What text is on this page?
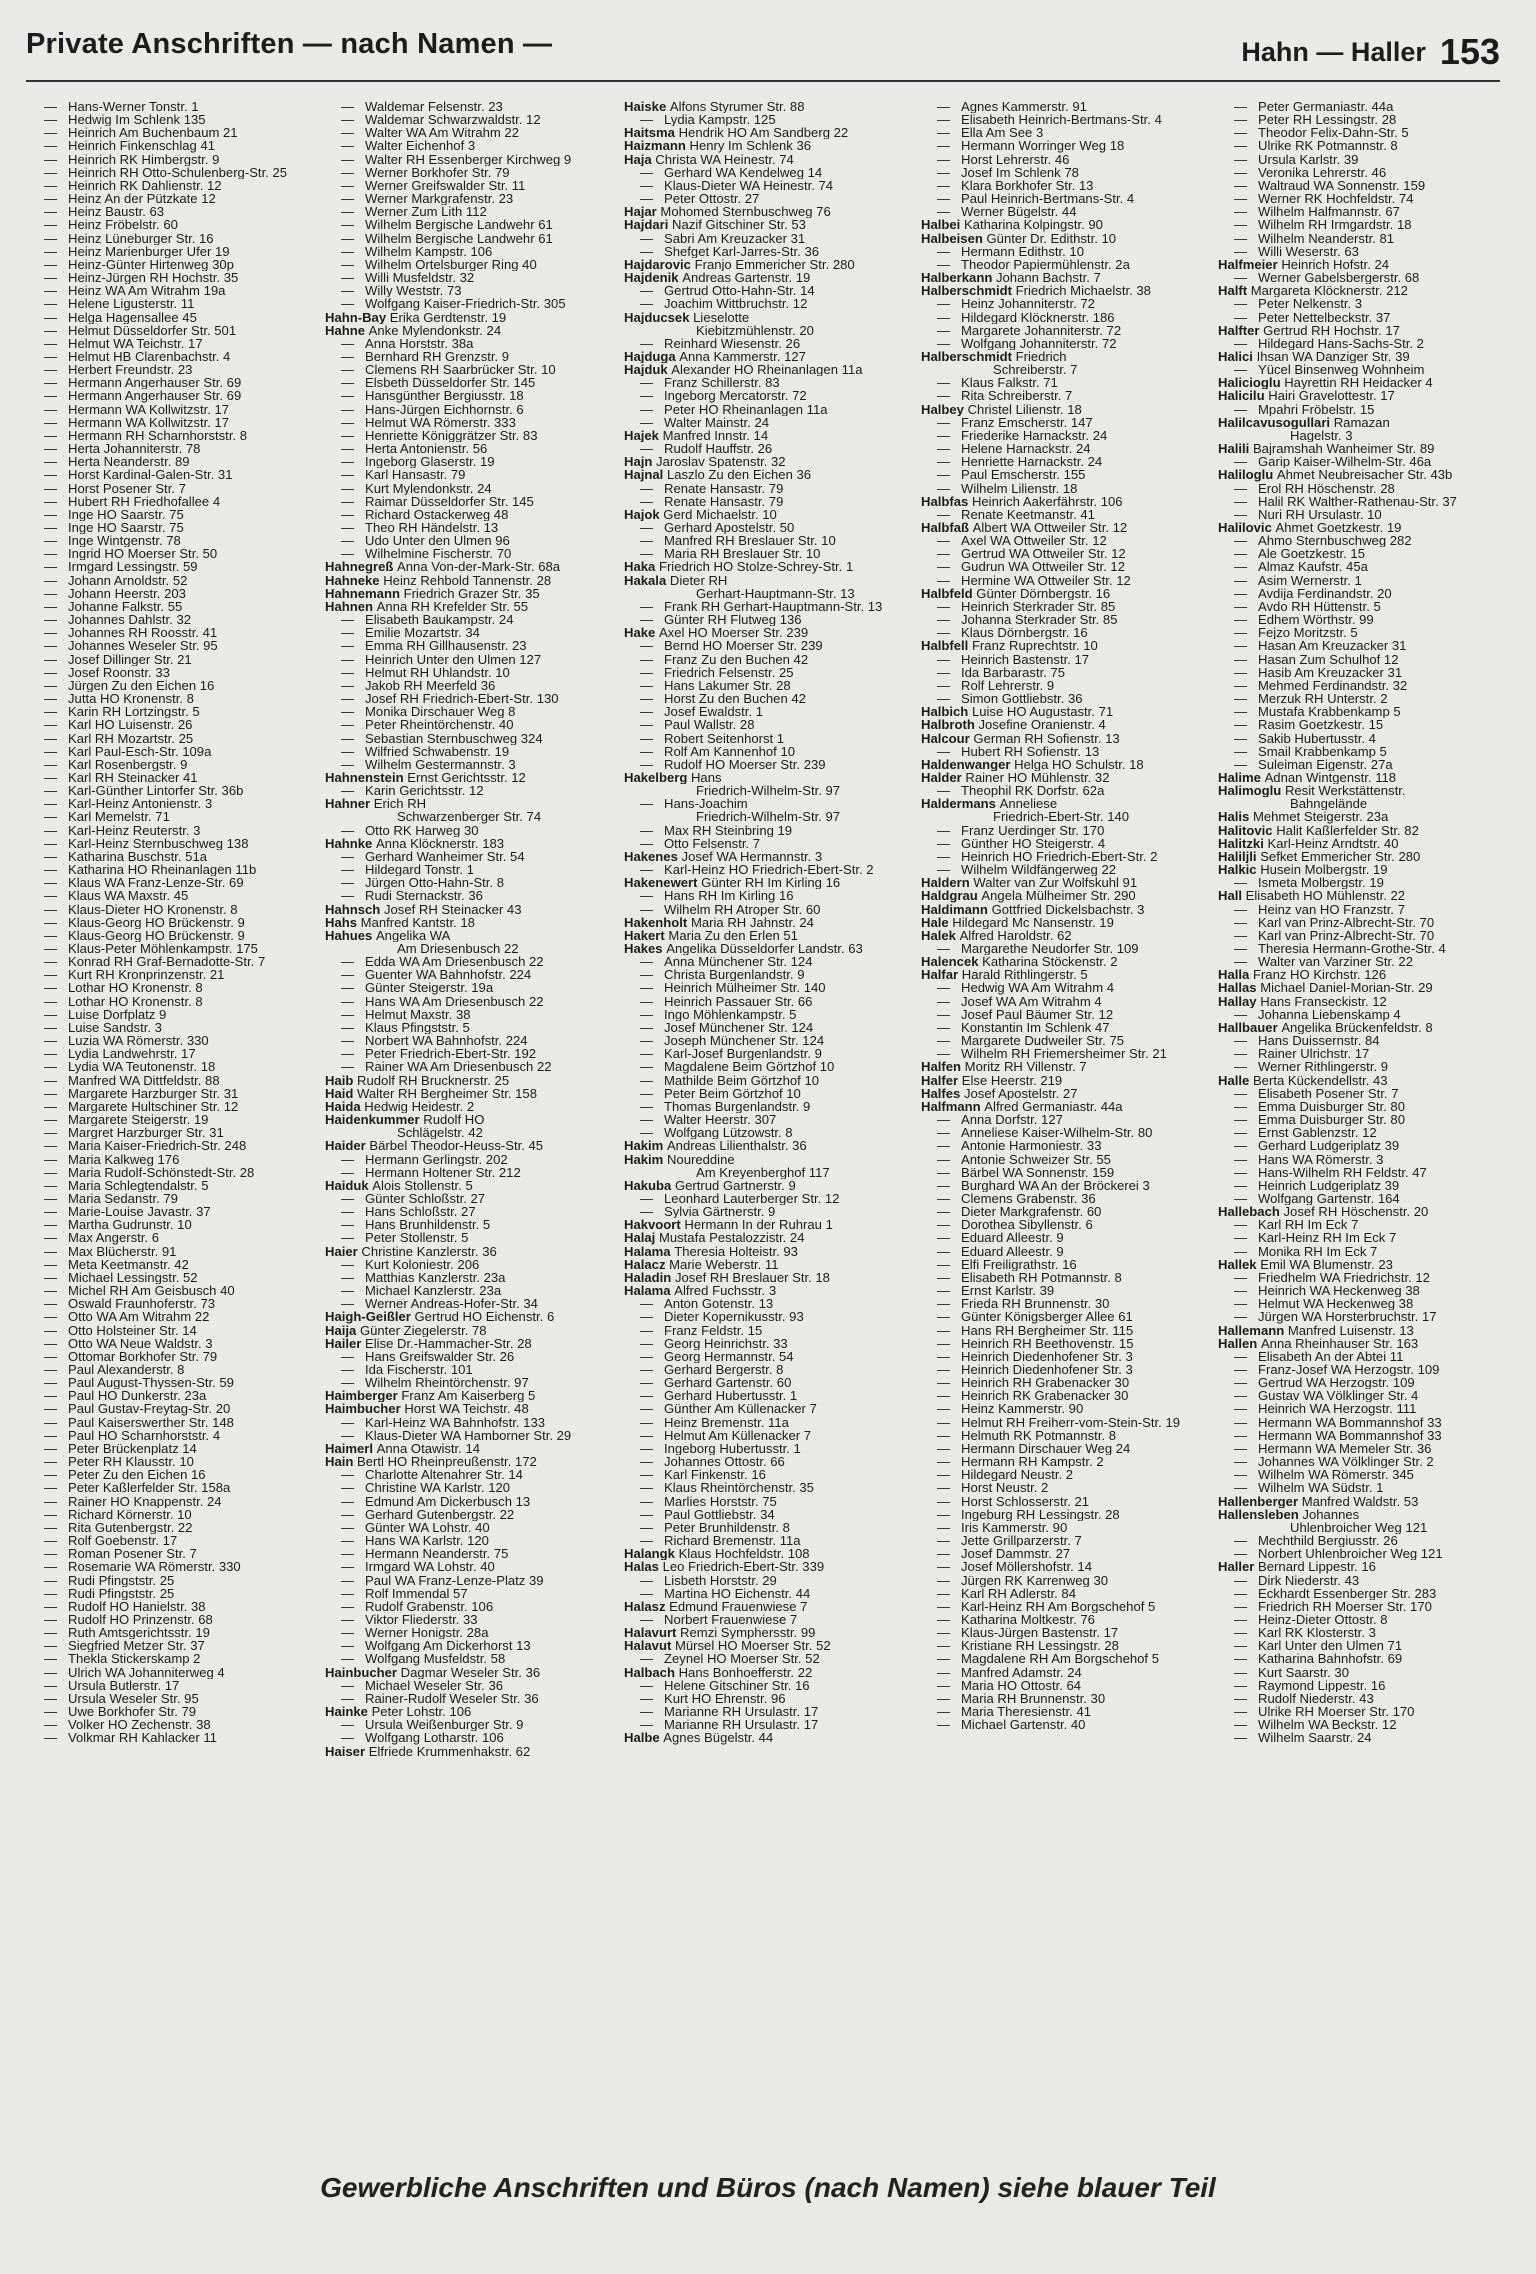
Private Anschriften — nach Namen —	Hahn — Haller 153
— Hans-Werner Tonstr. 1
— Hedwig Im Schlenk 135
— Heinrich Am Buchenbaum 21
— Heinrich Finkenschlag 41
— Heinrich RK Himbergstr. 9
— Heinrich RH Otto-Schulenberg-Str. 25
— Heinrich RK Dahlienstr. 12
— Heinz An der Pützkate 12
— Heinz Baustr. 63
— Heinz Fröbelstr. 60
— Heinz Lüneburger Str. 16
— Heinz Marienburger Ufer 19
— Heinz-Günter Hirtenweg 30p
— Heinz-Jürgen RH Hochstr. 35
— Heinz WA Am Witrahm 19a
— Helene Ligusterstr. 11
— Helga Hagensallee 45
— Helmut Düsseldorfer Str. 501
— Helmut WA Teichstr. 17
— Helmut HB Clarenbachstr. 4
— Herbert Freundstr. 23
— Hermann Angerhauser Str. 69
— Hermann Angerhauser Str. 69
— Hermann WA Kollwitzstr. 17
— Hermann WA Kollwitzstr. 17
— Hermann RH Scharnhorststr. 8
— Herta Johanniterstr. 78
— Herta Neanderstr. 89
— Horst Kardinal-Galen-Str. 31
— Horst Posener Str. 7
— Hubert RH Friedhofallee 4
— Inge HO Saarstr. 75
— Inge HO Saarstr. 75
— Inge Wintgenstr. 78
— Ingrid HO Moerser Str. 50
— Irmgard Lessingstr. 59
— Johann Arnoldstr. 52
— Johann Heerstr. 203
— Johanne Falkstr. 55
— Johannes Dahlstr. 32
— Johannes RH Roosstr. 41
— Johannes Weseler Str. 95
— Josef Dillinger Str. 21
— Josef Roonstr. 33
— Jürgen Zu den Eichen 16
— Jutta HO Kronenstr. 8
— Karin RH Lortzingstr. 5
— Karl HO Luisenstr. 26
— Karl RH Mozartstr. 25
— Karl Paul-Esch-Str. 109a
— Karl Rosenbergstr. 9
— Karl RH Steinacker 41
— Karl-Günther Lintorfer Str. 36b
— Karl-Heinz Antonienstr. 3
— Karl Memelstr. 71
— Karl-Heinz Reuterstr. 3
— Karl-Heinz Sternbuschweg 138
— Katharina Buschstr. 51a
— Katharina HO Rheinanlagen 11b
— Klaus WA Franz-Lenze-Str. 69
— Klaus WA Maxstr. 45
— Klaus-Dieter HO Kronenstr. 8
— Klaus-Georg HO Brückenstr. 9
— Klaus-Georg HO Brückenstr. 9
— Klaus-Peter Möhlenkampstr. 175
— Konrad RH Graf-Bernadotte-Str. 7
— Kurt RH Kronprinzenstr. 21
— Lothar HO Kronenstr. 8
— Lothar HO Kronenstr. 8
— Luise Dorfplatz 9
— Luise Sandstr. 3
— Luzia WA Römerstr. 330
— Lydia Landwehrstr. 17
— Lydia WA Teutonenstr. 18
— Manfred WA Dittfeldstr. 88
— Margarete Harzburger Str. 31
— Margarete Hultschiner Str. 12
— Margarete Steigerstr. 19
— Margret Harzburger Str. 31
— Maria Kaiser-Friedrich-Str. 248
— Maria Kalkweg 176
— Maria Rudolf-Schönstedt-Str. 28
— Maria Schlegtendalstr. 5
— Maria Sedanstr. 79
— Marie-Louise Javastr. 37
— Martha Gudrunstr. 10
— Max Angerstr. 6
— Max Blücherstr. 91
— Meta Keetmanstr. 42
— Michael Lessingstr. 52
— Michel RH Am Geisbusch 40
— Oswald Fraunhoferstr. 73
— Otto WA Am Witrahm 22
— Otto Holsteiner Str. 14
— Otto WA Neue Waldstr. 3
— Ottomar Borkhofer Str. 79
— Paul Alexanderstr. 8
— Paul August-Thyssen-Str. 59
— Paul HO Dunkerstr. 23a
— Paul Gustav-Freytag-Str. 20
— Paul Kaiserswerther Str. 148
— Paul HO Scharnhorststr. 4
— Peter Brückenplatz 14
— Peter RH Klausstr. 10
— Peter Zu den Eichen 16
— Peter Kaßlerfelder Str. 158a
— Rainer HO Knappenstr. 24
— Richard Körnerstr. 10
— Rita Gutenbergstr. 22
— Rolf Goebenstr. 17
— Roman Posener Str. 7
— Rosemarie WA Römerstr. 330
— Rudi Pfingststr. 25
— Rudi Pfingststr. 25
— Rudolf HO Hanielstr. 38
— Rudolf HO Prinzenstr. 68
— Ruth Amtsgerichtsstr. 19
— Siegfried Metzer Str. 37
— Thekla Stickerskamp 2
— Ulrich WA Johanniterweg 4
— Ursula Butlerstr. 17
— Ursula Weseler Str. 95
— Uwe Borkhofer Str. 79
— Volker HO Zechenstr. 38
— Volkmar RH Kahlacker 11
— Waldemar Felsenstr. 23
— Waldemar Schwarzwaldstr. 12
— Walter WA Am Witrahm 22
— Walter Eichenhof 3
— Walter RH Essenberger Kirchweg 9
— Werner Borkhofer Str. 79
— Werner Greifswalder Str. 11
— Werner Markgrafenstr. 23
— Werner Zum Lith 112
— Wilhelm Bergische Landwehr 61
— Wilhelm Bergische Landwehr 61
— Wilhelm Kampstr. 106
— Wilhelm Ortelsburger Ring 40
— Willi Musfeldstr. 32
— Willy Weststr. 73
— Wolfgang Kaiser-Friedrich-Str. 305
Hahn-Bay Erika Gerdtenstr. 19
Hahne Anke Mylendonkstr. 24
— Anna Horststr. 38a
— Bernhard RH Grenzstr. 9
— Clemens RH Saarbrücker Str. 10
— Elsbeth Düsseldorfer Str. 145
— Hansgünther Bergiusstr. 18
— Hans-Jürgen Eichhornstr. 6
— Helmut WA Römerstr. 333
— Henriette Königgrätzer Str. 83
— Herta Antonienstr. 56
— Ingeborg Glaserstr. 19
— Karl Hansastr. 79
— Kurt Mylendonkstr. 24
— Raimar Düsseldorfer Str. 145
— Richard Ostackerweg 48
— Theo RH Händelstr. 13
— Udo Unter den Ulmen 96
— Wilhelmine Fischerstr. 70
Hahnegreß Anna Von-der-Mark-Str. 68a
Hahneke Heinz Rehbold Tannenstr. 28
Hahnemann Friedrich Grazer Str. 35
Hahnen Anna RH Krefelder Str. 55
— Elisabeth Baukampstr. 24
— Emilie Mozartstr. 34
— Emma RH Gillhausenstr. 23
— Heinrich Unter den Ulmen 127
— Helmut RH Uhlandstr. 10
— Jakob RH Meerfeld 36
— Josef RH Friedrich-Ebert-Str. 130
— Monika Dirschauer Weg 8
— Peter Rheintörchenstr. 40
— Sebastian Sternbuschweg 324
— Wilfried Schwabenstr. 19
— Wilhelm Gestermannstr. 3
Hahnenstein Ernst Gerichtsstr. 12
— Karin Gerichtsstr. 12
Hahner Erich RH
Schwarzenberger Str. 74
— Otto RK Harweg 30
Hahnke Anna Klöcknerstr. 183
— Gerhard Wanheimer Str. 54
— Hildegard Tonstr. 1
— Jürgen Otto-Hahn-Str. 8
— Rudi Sternackstr. 36
Hahnsch Josef RH Steinacker 43
Hahs Manfred Kantstr. 18
Hahues Angelika WA
Am Driesenbusch 22
— Edda WA Am Driesenbusch 22
— Guenter WA Bahnhofstr. 224
— Günter Steigerstr. 19a
— Hans WA Am Driesenbusch 22
— Helmut Maxstr. 38
— Klaus Pfingststr. 5
— Norbert WA Bahnhofstr. 224
— Peter Friedrich-Ebert-Str. 192
— Rainer WA Am Driesenbusch 22
Haib Rudolf RH Brucknerstr. 25
Haid Walter RH Bergheimer Str. 158
Haida Hedwig Heidestr. 2
Haidenkummer Rudolf HO
Schlägelstr. 42
Haider Bärbel Theodor-Heuss-Str. 45
— Hermann Gerlingstr. 202
— Hermann Holtener Str. 212
Haiduk Alois Stollenstr. 5
— Günter Schloßstr. 27
— Hans Schloßstr. 27
— Hans Brunhildenstr. 5
— Peter Stollenstr. 5
Haier Christine Kanzlerstr. 36
— Kurt Koloniestr. 206
— Matthias Kanzlerstr. 23a
— Michael Kanzlerstr. 23a
— Werner Andreas-Hofer-Str. 34
Haigh-Geißler Gertrud HO Eichenstr. 6
Haija Günter Ziegelerstr. 78
Hailer Elise Dr.-Hammacher-Str. 28
— Hans Greifswalder Str. 26
— Ida Fischerstr. 101
— Wilhelm Rheintörchenstr. 97
Haimberger Franz Am Kaiserberg 5
Haimbucher Horst WA Teichstr. 48
— Karl-Heinz WA Bahnhofstr. 133
— Klaus-Dieter WA Hamborner Str. 29
Haimerl Anna Otawistr. 14
Hain Bertl HO Rheinpreußenstr. 172
— Charlotte Altenahrer Str. 14
— Christine WA Karlstr. 120
— Edmund Am Dickerbusch 13
— Gerhard Gutenbergstr. 22
— Günter WA Lohstr. 40
— Hans WA Karlstr. 120
— Hermann Neanderstr. 75
— Irmgard WA Lohstr. 40
— Paul WA Franz-Lenze-Platz 39
— Rolf Immendal 57
— Rudolf Grabenstr. 106
— Viktor Fliederstr. 33
— Werner Honigstr. 28a
— Wolfgang Am Dickerhorst 13
— Wolfgang Musfeldstr. 58
Hainbucher Dagmar Weseler Str. 36
— Michael Weseler Str. 36
— Rainer-Rudolf Weseler Str. 36
Hainke Peter Lohstr. 106
— Ursula Weißenburger Str. 9
— Wolfgang Lotharstr. 106
Haiser Elfriede Krummenhakstr. 62
Haiske Alfons Styrumer Str. 88
— Lydia Kampstr. 125
Haitsma Hendrik HO Am Sandberg 22
Haizmann Henry Im Schlenk 36
Haja Christa WA Heinestr. 74
— Gerhard WA Kendelweg 14
— Klaus-Dieter WA Heinestr. 74
— Peter Ottostr. 27
Hajar Mohomed Sternbuschweg 76
Hajdari Nazif Gitschiner Str. 53
— Sabri Am Kreuzacker 31
— Shefget Karl-Jarres-Str. 36
Hajdarovic Franjo Emmericher Str. 280
Hajdenik Andreas Gartenstr. 19
— Gertrud Otto-Hahn-Str. 14
— Joachim Wittbruchstr. 12
Hajducsek Lieselotte
Kiebitzmühlenstr. 20
— Reinhard Wiesenstr. 26
Hajduga Anna Kammerstr. 127
Hajduk Alexander HO Rheinanlagen 11a
— Franz Schillerstr. 83
— Ingeborg Mercatorstr. 72
— Peter HO Rheinanlagen 11a
— Walter Mainstr. 24
Hajek Manfred Innstr. 14
— Rudolf Hauffstr. 26
Hajn Jaroslav Spatenstr. 32
Hajnal Laszlo Zu den Eichen 36
— Renate Hansastr. 79
— Renate Hansastr. 79
Hajok Gerd Michaelstr. 10
— Gerhard Apostelstr. 50
— Manfred RH Breslauer Str. 10
— Maria RH Breslauer Str. 10
Haka Friedrich HO Stolze-Schrey-Str. 1
Hakala Dieter RH
Gerhart-Hauptmann-Str. 13
— Frank RH Gerhart-Hauptmann-Str. 13
— Günter RH Flutweg 136
Hake Axel HO Moerser Str. 239
— Bernd HO Moerser Str. 239
— Franz Zu den Buchen 42
— Friedrich Felsenstr. 25
— Hans Lakumer Str. 28
— Horst Zu den Buchen 42
— Josef Ewaldstr. 1
— Paul Wallstr. 28
— Robert Seitenhorst 1
— Rolf Am Kannenhof 10
— Rudolf HO Moerser Str. 239
Hakelberg Hans
Friedrich-Wilhelm-Str. 97
— Hans-Joachim
Friedrich-Wilhelm-Str. 97
— Max RH Steinbring 19
— Otto Felsenstr. 7
Hakenes Josef WA Hermannstr. 3
— Karl-Heinz HO Friedrich-Ebert-Str. 2
Hakenewert Günter RH Im Kirling 16
— Hans RH Im Kirling 16
— Wilhelm RH Atroper Str. 60
Hakenholt Maria RH Jahnstr. 24
Hakert Maria Zu den Erlen 51
Hakes Angelika Düsseldorfer Landstr. 63
— Anna Münchener Str. 124
— Christa Burgenlandstr. 9
— Heinrich Mülheimer Str. 140
— Heinrich Passauer Str. 66
— Ingo Möhlenkampstr. 5
— Josef Münchener Str. 124
— Joseph Münchener Str. 124
— Karl-Josef Burgenlandstr. 9
— Magdalene Beim Görtzhof 10
— Mathilde Beim Görtzhof 10
— Peter Beim Görtzhof 10
— Thomas Burgenlandstr. 9
— Walter Heerstr. 307
— Wolfgang Lützowstr. 8
Hakim Andreas Lilienthalstr. 36
Hakim Noureddine
Am Kreyenberghof 117
Hakuba Gertrud Gartnerstr. 9
— Leonhard Lauterberger Str. 12
— Sylvia Gärtnerstr. 9
Hakvoort Hermann In der Ruhrau 1
Halaj Mustafa Pestalozzistr. 24
Halama Theresia Holteistr. 93
Halacz Marie Weberstr. 11
Haladin Josef RH Breslauer Str. 18
Halama Alfred Fuchsstr. 3
— Anton Gotenstr. 13
— Dieter Kopernikusstr. 93
— Franz Feldstr. 15
— Georg Heinrichstr. 33
— Georg Hermannstr. 54
— Gerhard Bergerstr. 8
— Gerhard Gartenstr. 60
— Gerhard Hubertusstr. 1
— Günther Am Küllenacker 7
— Heinz Bremenstr. 11a
— Helmut Am Küllenacker 7
— Ingeborg Hubertusstr. 1
— Johannes Ottostr. 66
— Karl Finkenstr. 16
— Klaus Rheintörchenstr. 35
— Marlies Horststr. 75
— Paul Gottliebstr. 34
— Peter Brunhildenstr. 8
— Richard Bremenstr. 11a
Halangk Klaus Hochfeldstr. 108
Halas Leo Friedrich-Ebert-Str. 339
— Lisbeth Horststr. 29
— Martina HO Eichenstr. 44
Halasz Edmund Frauenwiese 7
— Norbert Frauenwiese 7
Halavurt Remzi Symphersstr. 99
Halavut Mürsel HO Moerser Str. 52
— Zeynel HO Moerser Str. 52
Halbach Hans Bonhoefferstr. 22
— Helene Gitschiner Str. 16
— Kurt HO Ehrenstr. 96
— Marianne RH Ursulastr. 17
— Marianne RH Ursulastr. 17
Halbe Agnes Bügelstr. 44
— Agnes Kammerstr. 91
— Elisabeth Heinrich-Bertmans-Str. 4
— Ella Am See 3
— Hermann Worringer Weg 18
— Horst Lehrerstr. 46
— Josef Im Schlenk 78
— Klara Borkhofer Str. 13
— Paul Heinrich-Bertmans-Str. 4
— Werner Bügelstr. 44
Halbei Katharina Kolpingstr. 90
Halbeisen Günter Dr. Edithstr. 10
— Hermann Edithstr. 10
— Theodor Papiermühlenstr. 2a
Halberkann Johann Bachstr. 7
Halberschmidt Friedrich Michaelstr. 38
— Heinz Johanniterstr. 72
— Hildegard Klöcknerstr. 186
— Margarete Johanniterstr. 72
— Wolfgang Johanniterstr. 72
Halberschmidt Friedrich
Schreiberstr. 7
— Klaus Falkstr. 71
— Rita Schreiberstr. 7
Halbey Christel Lilienstr. 18
— Franz Emscherstr. 147
— Friederike Harnackstr. 24
— Helene Harnackstr. 24
— Henriette Harnackstr. 24
— Paul Emscherstr. 155
— Wilhelm Lilienstr. 18
Halbfas Heinrich Aakerfährstr. 106
— Renate Keetmanstr. 41
Halbfaß Albert WA Ottweiler Str. 12
— Axel WA Ottweiler Str. 12
— Gertrud WA Ottweiler Str. 12
— Gudrun WA Ottweiler Str. 12
— Hermine WA Ottweiler Str. 12
Halbfeld Günter Dörnbergstr. 16
— Heinrich Sterkrader Str. 85
— Johanna Sterkrader Str. 85
— Klaus Dörnbergstr. 16
Halbfell Franz Ruprechtstr. 10
— Heinrich Bastenstr. 17
— Ida Barbarastr. 75
— Rolf Lehrerstr. 9
— Simon Gottliebstr. 36
Halbich Luise HO Augustastr. 71
Halbroth Josefine Oranienstr. 4
Halcour German RH Sofienstr. 13
— Hubert RH Sofienstr. 13
Haldenwanger Helga HO Schulstr. 18
Halder Rainer HO Mühlenstr. 32
— Theophil RK Dorfstr. 62a
Haldermans Anneliese
Friedrich-Ebert-Str. 140
— Franz Uerdinger Str. 170
— Günther HO Steigerstr. 4
— Heinrich HO Friedrich-Ebert-Str. 2
— Wilhelm Wildfängerweg 22
Haldern Walter van Zur Wolfskuhl 91
Haldgrau Angela Mülheimer Str. 290
Haldimann Gottfried Dickelsbachstr. 3
Hale Hildegard Mc Nansenstr. 19
Halek Alfred Haroldstr. 62
— Margarethe Neudorfer Str. 109
Halencek Katharina Stöckenstr. 2
Halfar Harald Rithlingerstr. 5
— Hedwig WA Am Witrahm 4
— Josef WA Am Witrahm 4
— Josef Paul Bäumer Str. 12
— Konstantin Im Schlenk 47
— Margarete Dudweiler Str. 75
— Wilhelm RH Friemersheimer Str. 21
Halfen Moritz RH Villenstr. 7
Halfer Else Heerstr. 219
Halfes Josef Apostelstr. 27
Halfmann Alfred Germaniastr. 44a
— Anna Dorfstr. 127
— Anneliese Kaiser-Wilhelm-Str. 80
— Antonie Harmoniestr. 33
— Antonie Schweizer Str. 55
— Bärbel WA Sonnenstr. 159
— Burghard WA An der Bröckerei 3
— Clemens Grabenstr. 36
— Dieter Markgrafenstr. 60
— Dorothea Sibyllenstr. 6
— Eduard Alleestr. 9
— Eduard Alleestr. 9
— Elfi Freiligrathstr. 16
— Elisabeth RH Potmannstr. 8
— Ernst Karlstr. 39
— Frieda RH Brunnenstr. 30
— Günter Königsberger Allee 61
— Hans RH Bergheimer Str. 115
— Heinrich RH Beethovenstr. 15
— Heinrich Diedenhofener Str. 3
— Heinrich Diedenhofener Str. 3
— Heinrich RH Grabenacker 30
— Heinrich RK Grabenacker 30
— Heinz Kammerstr. 90
— Helmut RH Freiherr-vom-Stein-Str. 19
— Helmuth RK Potmannstr. 8
— Hermann Dirschauer Weg 24
— Hermann RH Kampstr. 2
— Hildegard Neustr. 2
— Horst Neustr. 2
— Horst Schlosserstr. 21
— Ingeburg RH Lessingstr. 28
— Iris Kammerstr. 90
— Jette Grillparzerstr. 7
— Josef Dammstr. 27
— Josef Möllershofstr. 14
— Jürgen RK Karrenweg 30
— Karl RH Adlerstr. 84
— Karl-Heinz RH Am Borgschehof 5
— Katharina Moltkestr. 76
— Klaus-Jürgen Bastenstr. 17
— Kristiane RH Lessingstr. 28
— Magdalene RH Am Borgschehof 5
— Manfred Adamstr. 24
— Maria HO Ottostr. 64
— Maria RH Brunnenstr. 30
— Maria Theresienstr. 41
— Michael Gartenstr. 40
— Peter Germaniastr. 44a
— Peter RH Lessingstr. 28
— Theodor Felix-Dahn-Str. 5
— Ulrike RK Potmannstr. 8
— Ursula Karlstr. 39
— Veronika Lehrerstr. 46
— Waltraud WA Sonnenstr. 159
— Werner RK Hochfeldstr. 74
— Wilhelm Halfmannstr. 67
— Wilhelm RH Irmgardstr. 18
— Wilhelm Neanderstr. 81
— Willi Weserstr. 63
Halfmeier Heinrich Hofstr. 24
— Werner Gabelsbergerstr. 68
Halft Margareta Klöcknerstr. 212
— Peter Nelkenstr. 3
— Peter Nettelbeckstr. 37
Halfter Gertrud RH Hochstr. 17
— Hildegard Hans-Sachs-Str. 2
Halici Ihsan WA Danziger Str. 39
— Yücel Binsenweg Wohnheim
Halicioglu Hayrettin RH Heidacker 4
Halicilu Hairi Gravelottestr. 17
— Mpahri Fröbelstr. 15
Halilcavusogullari Ramazan
Hagelstr. 3
Halili Bajramshah Wanheimer Str. 89
— Garip Kaiser-Wilhelm-Str. 46a
Haliloglu Ahmet Neubreisacher Str. 43b
— Erol RH Höschenstr. 28
— Halil RK Walther-Rathenau-Str. 37
— Nuri RH Ursulastr. 10
Halilovic Ahmet Goetzkestr. 19
— Ahmo Sternbuschweg 282
— Ale Goetzkestr. 15
— Almaz Kaufstr. 45a
— Asim Wernerstr. 1
— Avdija Ferdinandstr. 20
— Avdo RH Hüttenstr. 5
— Edhem Wörthstr. 99
— Fejzo Moritzstr. 5
— Hasan Am Kreuzacker 31
— Hasan Zum Schulhof 12
— Hasib Am Kreuzacker 31
— Mehmed Ferdinandstr. 32
— Merzuk RH Unterstr. 2
— Mustafa Krabbenkamp 5
— Rasim Goetzkestr. 15
— Sakib Hubertusstr. 4
— Smail Krabbenkamp 5
— Suleiman Eigenstr. 27a
Halime Adnan Wintgenstr. 118
Halimoglu Resit Werkstättenstr.
Bahngelände
Halis Mehmet Steigerstr. 23a
Halitovic Halit Kaßlerfelder Str. 82
Halitzki Karl-Heinz Arndtstr. 40
Haliljli Sefket Emmericher Str. 280
Halkic Husein Molbergstr. 19
— Ismeta Molbergstr. 19
Hall Elisabeth HO Mühlenstr. 22
— Heinz van HO Franzstr. 7
— Karl van Prinz-Albrecht-Str. 70
— Karl van Prinz-Albrecht-Str. 70
— Theresia Hermann-Grothe-Str. 4
— Walter van Varziner Str. 22
Halla Franz HO Kirchstr. 126
Hallas Michael Daniel-Morian-Str. 29
Hallay Hans Franseckistr. 12
— Johanna Liebenskamp 4
Hallbauer Angelika Brückenfeldstr. 8
— Hans Duissernstr. 84
— Rainer Ulrichstr. 17
— Werner Rithlingerstr. 9
Halle Berta Kückendellstr. 43
— Elisabeth Posener Str. 7
— Emma Duisburger Str. 80
— Emma Duisburger Str. 80
— Ernst Gablenzstr. 12
— Gerhard Ludgeriplatz 39
— Hans WA Römerstr. 3
— Hans-Wilhelm RH Feldstr. 47
— Heinrich Ludgeriplatz 39
— Wolfgang Gartenstr. 164
Hallebach Josef RH Höschenstr. 20
— Karl RH Im Eck 7
— Karl-Heinz RH Im Eck 7
— Monika RH Im Eck 7
Hallek Emil WA Blumenstr. 23
— Friedhelm WA Friedrichstr. 12
— Heinrich WA Heckenweg 38
— Helmut WA Heckenweg 38
— Jürgen WA Horsterbruchstr. 17
Hallemann Manfred Luisenstr. 13
Hallen Anna Rheinhauser Str. 163
— Elisabeth An der Abtei 11
— Franz-Josef WA Herzogstr. 109
— Gertrud WA Herzogstr. 109
— Gustav WA Völklinger Str. 4
— Heinrich WA Herzogstr. 111
— Hermann WA Bommannshof 33
— Hermann WA Bommannshof 33
— Hermann WA Memeler Str. 36
— Johannes WA Völklinger Str. 2
— Wilhelm WA Römerstr. 345
— Wilhelm WA Südstr. 1
Hallenberger Manfred Waldstr. 53
Hallensleben Johannes
Uhlenbroicher Weg 121
— Mechthild Bergiusstr. 26
— Norbert Uhlenbroicher Weg 121
Haller Bernard Lippestr. 16
— Dirk Niederstr. 43
— Eckhardt Essenberger Str. 283
— Friedrich RH Moerser Str. 170
— Heinz-Dieter Ottostr. 8
— Karl RK Klosterstr. 3
— Karl Unter den Ulmen 71
— Katharina Bahnhofstr. 69
— Kurt Saarstr. 30
— Raymond Lippestr. 16
— Rudolf Niederstr. 43
— Ulrike RH Moerser Str. 170
— Wilhelm WA Beckstr. 12
— Wilhelm Saarstr. 24
Gewerbliche Anschriften und Büros (nach Namen) siehe blauer Teil
